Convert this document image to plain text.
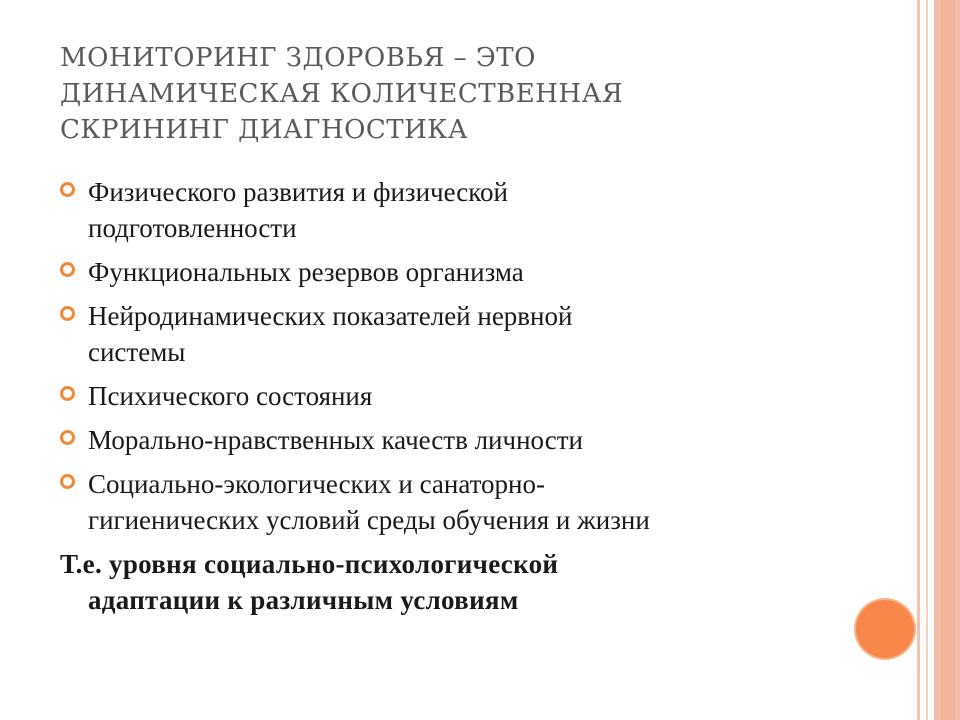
МОНИТОРИНГ ЗДОРОВЬЯ – ЭТО
ДИНАМИЧЕСКАЯ КОЛИЧЕСТВЕННАЯ
СКРИНИНГ ДИАГНОСТИКА
Физического развития и физической
подготовленности
Функциональных резервов организма
Нейродинамических показателей нервной
системы
Психического состояния
Морально-нравственных качеств личности
Социально-экологических и санаторно-
гигиенических условий среды обучения и жизни
Т.е. уровня социально-психологической
адаптации к различным условиям
